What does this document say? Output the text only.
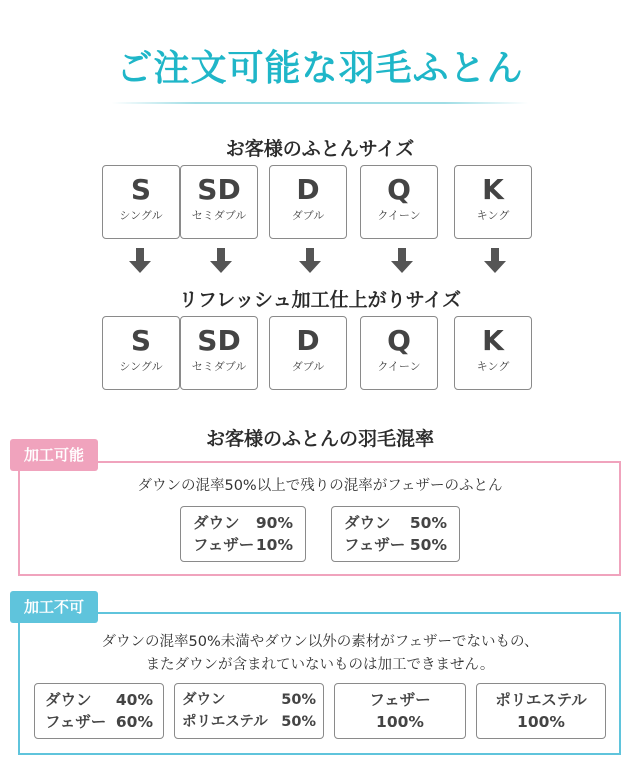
ご注文可能な羽毛ふとん
お客様のふとんサイズ
S
シングル
SD
セミダブル
D
ダブル
Q
クイーン
K
キング
リフレッシュ加工仕上がりサイズ
S
シングル
SD
セミダブル
D
ダブル
Q
クイーン
K
キング
お客様のふとんの羽毛混率
加工可能
ダウンの混率50%以上で残りの混率がフェザーのふとん
ダウン 90%
フェザー 10%
ダウン 50%
フェザー 50%
加工不可
ダウンの混率50%未満やダウン以外の素材がフェザーでないもの、
またダウンが含まれていないものは加工できません。
ダウン 40%
フェザー 60%
ダウン	50%
ポリエステル 50%
フェザー
100%
ポリエステル
100%
